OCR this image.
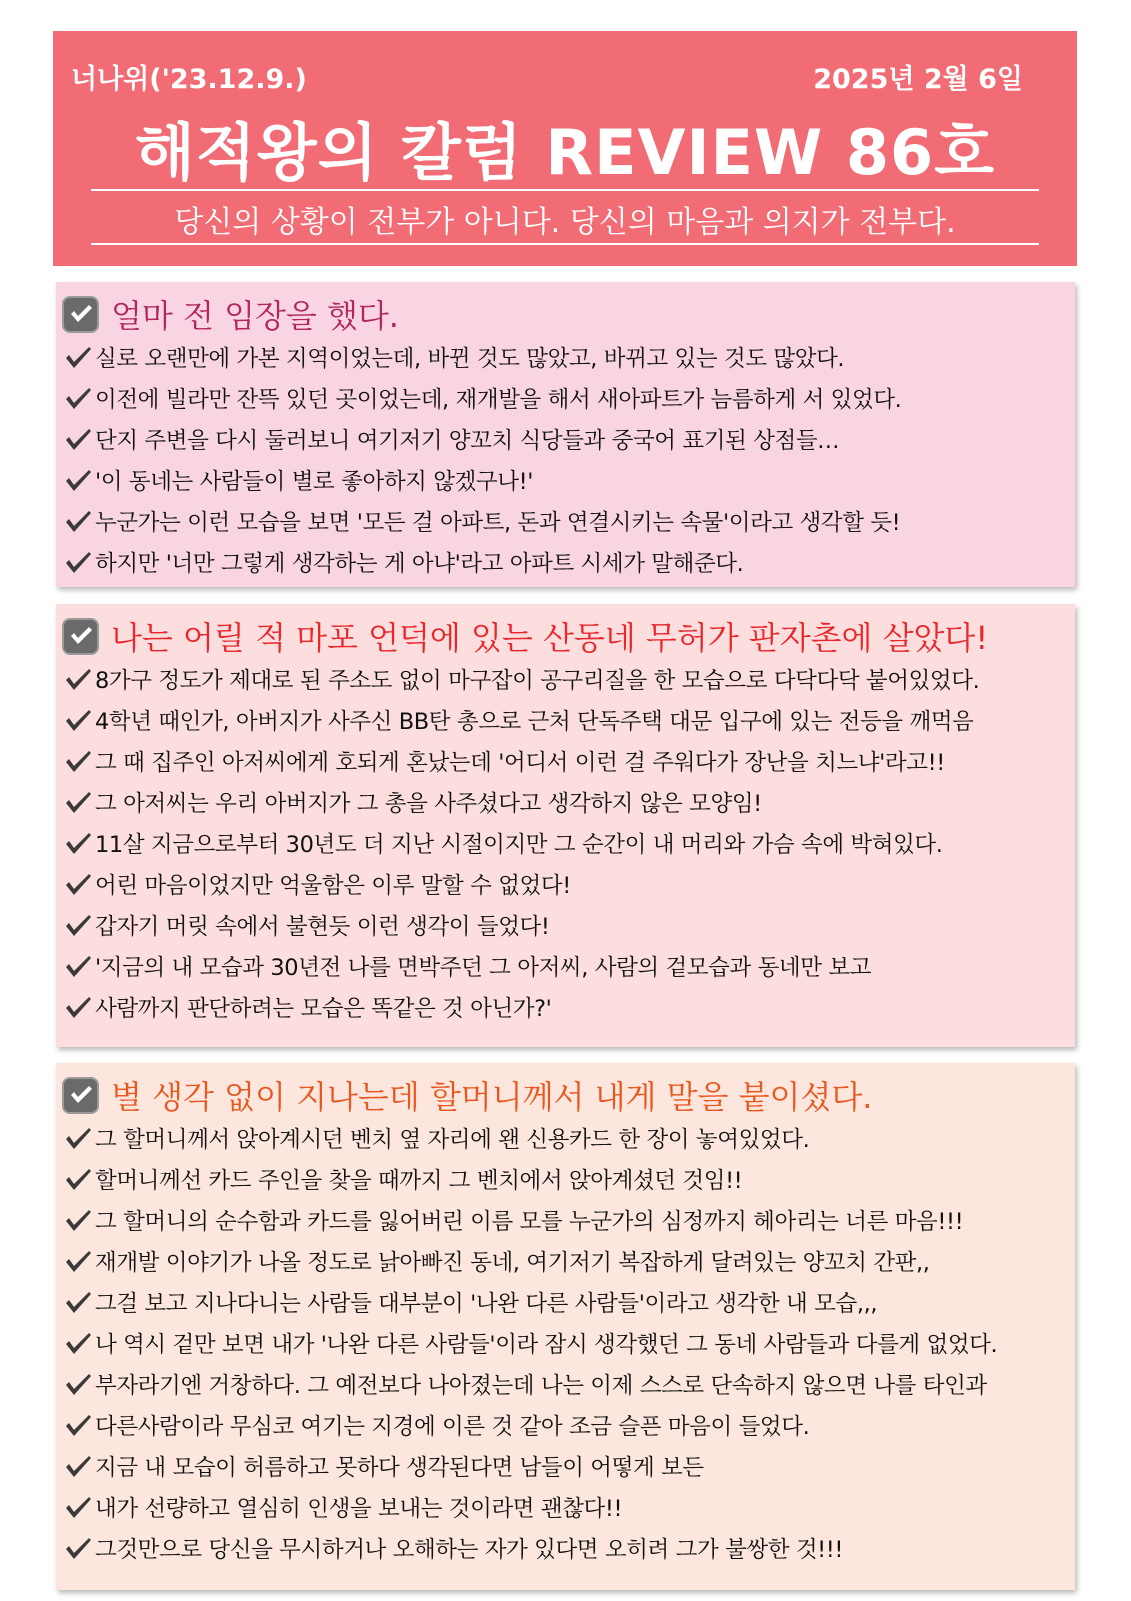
너나위('23.12.9.)	2025년 2월 6일
해적왕의 칼럼 REVIEW 86호
당신의 상황이 전부가 아니다. 당신의 마음과 의지가 전부다.
얼마 전 임장을 했다.
실로 오랜만에 가본 지역이었는데, 바뀐 것도 많았고, 바뀌고 있는 것도 많았다.
이전에 빌라만 잔뜩 있던 곳이었는데, 재개발을 해서 새아파트가 늠름하게 서 있었다.
단지 주변을 다시 둘러보니 여기저기 양꼬치 식당들과 중국어 표기된 상점들…
'이 동네는 사람들이 별로 좋아하지 않겠구나!'
누군가는 이런 모습을 보면 '모든 걸 아파트, 돈과 연결시키는 속물'이라고 생각할 듯!
하지만 '너만 그렇게 생각하는 게 아냐'라고 아파트 시세가 말해준다.
나는 어릴 적 마포 언덕에 있는 산동네 무허가 판자촌에 살았다!
8가구 정도가 제대로 된 주소도 없이 마구잡이 공구리질을 한 모습으로 다닥다닥 붙어있었다.
4학년 때인가, 아버지가 사주신 BB탄 총으로 근처 단독주택 대문 입구에 있는 전등을 깨먹음
그 때 집주인 아저씨에게 호되게 혼났는데 '어디서 이런 걸 주워다가 장난을 치느냐'라고!!
그 아저씨는 우리 아버지가 그 총을 사주셨다고 생각하지 않은 모양임!
11살 지금으로부터 30년도 더 지난 시절이지만 그 순간이 내 머리와 가슴 속에 박혀있다.
어린 마음이었지만 억울함은 이루 말할 수 없었다!
갑자기 머릿 속에서 불현듯 이런 생각이 들었다!
'지금의 내 모습과 30년전 나를 면박주던 그 아저씨, 사람의 겉모습과 동네만 보고
사람까지 판단하려는 모습은 똑같은 것 아닌가?'
별 생각 없이 지나는데 할머니께서 내게 말을 붙이셨다.
그 할머니께서 앉아계시던 벤치 옆 자리에 왠 신용카드 한 장이 놓여있었다.
할머니께선 카드 주인을 찾을 때까지 그 벤치에서 앉아계셨던 것임!!
그 할머니의 순수함과 카드를 잃어버린 이름 모를 누군가의 심정까지 헤아리는 너른 마음!!!
재개발 이야기가 나올 정도로 낡아빠진 동네, 여기저기 복잡하게 달려있는 양꼬치 간판,,
그걸 보고 지나다니는 사람들 대부분이 '나완 다른 사람들'이라고 생각한 내 모습,,,
나 역시 겉만 보면 내가 '나완 다른 사람들'이라 잠시 생각했던 그 동네 사람들과 다를게 없었다.
부자라기엔 거창하다. 그 예전보다 나아졌는데 나는 이제 스스로 단속하지 않으면 나를 타인과
다른사람이라 무심코 여기는 지경에 이른 것 같아 조금 슬픈 마음이 들었다.
지금 내 모습이 허름하고 못하다 생각된다면 남들이 어떻게 보든
내가 선량하고 열심히 인생을 보내는 것이라면 괜찮다!!
그것만으로 당신을 무시하거나 오해하는 자가 있다면 오히려 그가 불쌍한 것!!!
